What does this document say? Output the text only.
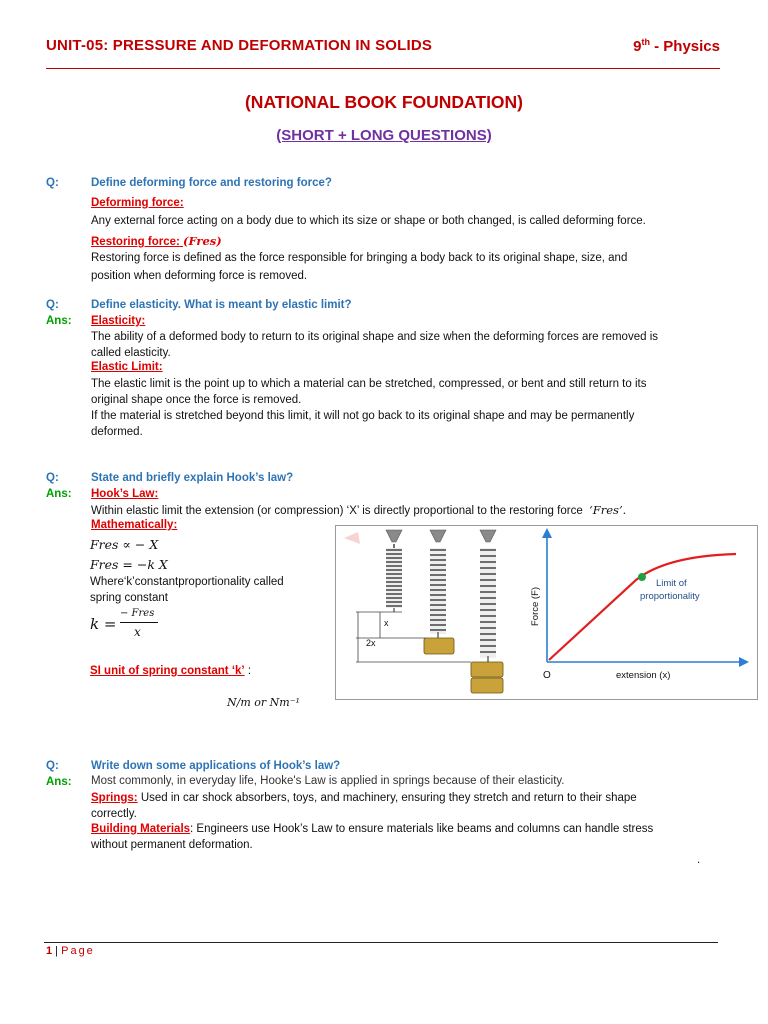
UNIT-05: PRESSURE AND DEFORMATION IN SOLIDS	9th - Physics
(NATIONAL BOOK FOUNDATION)
(SHORT + LONG QUESTIONS)
Q:	Define deforming force and restoring force?
Deforming force:
Any external force acting on a body due to which its size or shape or both changed, is called deforming force.
Restoring force: (Fres)
Restoring force is defined as the force responsible for bringing a body back to its original shape, size, and
position when deforming force is removed.
Q:	Define elasticity. What is meant by elastic limit?
Ans: Elasticity:
The ability of a deformed body to return to its original shape and size when the deforming forces are removed is
called elasticity.
Elastic Limit:
The elastic limit is the point up to which a material can be stretched, compressed, or bent and still return to its
original shape once the force is removed.
If the material is stretched beyond this limit, it will not go back to its original shape and may be permanently
deformed.
Q:	State and briefly explain Hook’s law?
Ans: Hook’s Law:
Within elastic limit the extension (or compression) ‘X’ is directly proportional to the restoring force ‘Fres’.
Mathematically:
Fres ∝ − X
Fres = −k X
Where‘k’constantproportionality called
spring constant
k =
− Fres
x
SI unit of spring constant ‘k’ :
N/m or Nm⁻¹
x
2x
Limit of
proportionality
O	extension (x)
Force (F)
Q:	Write down some applications of Hook’s law?
Ans: Most commonly, in everyday life, Hooke's Law is applied in springs because of their elasticity.
Springs: Used in car shock absorbers, toys, and machinery, ensuring they stretch and return to their shape
correctly.
Building Materials: Engineers use Hook’s Law to ensure materials like beams and columns can handle stress
without permanent deformation.
.
1 | Page
